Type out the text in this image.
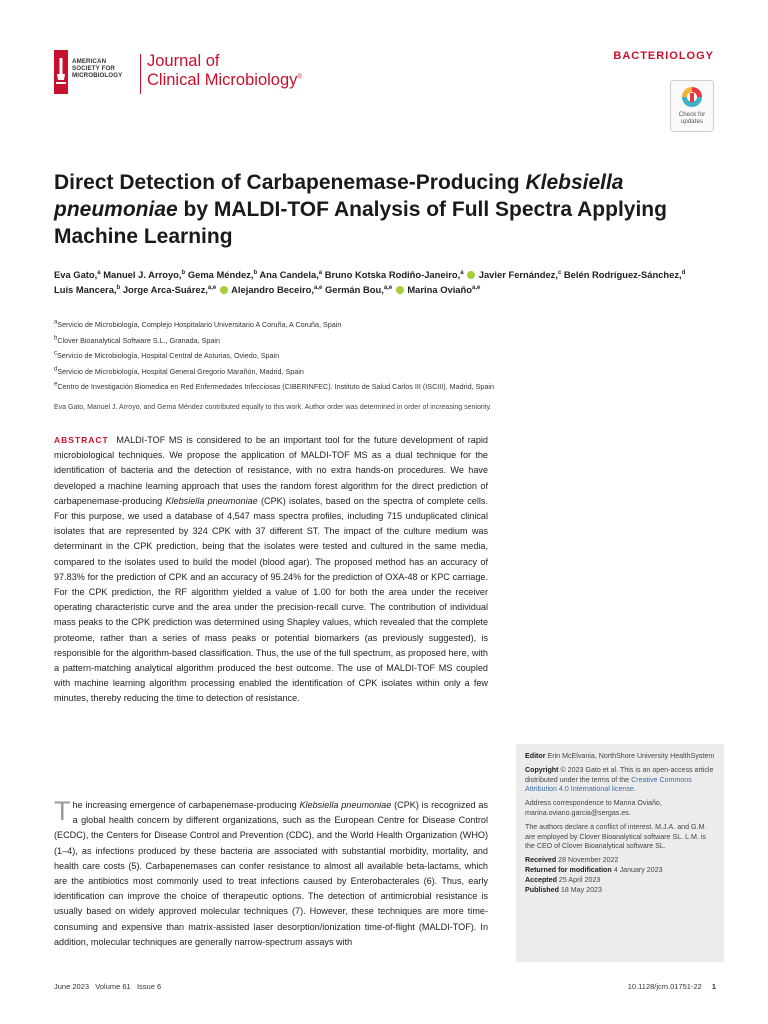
AMERICAN
SOCIETY FOR
MICROBIOLOGY
Journal of
Clinical Microbiology®
BACTERIOLOGY
Check for
updates
Direct Detection of Carbapenemase-Producing Klebsiella pneumoniae by MALDI-TOF Analysis of Full Spectra Applying Machine Learning
Eva Gato,$^a$ Manuel J. Arroyo,$^b$ Gema Méndez,$^b$ Ana Candela,$^a$ Bruno Kotska Rodiño-Janeiro,$^a$ Javier Fernández,$^c$ Belén Rodríguez-Sánchez,$^d$
Luis Mancera,$^b$ Jorge Arca-Suárez,$^{a,e}$ Alejandro Beceiro,$^{a,e}$ Germán Bou,$^{a,e}$ Marina Oviaño$^{a,e}$
$^a$Servicio de Microbiología, Complejo Hospitalario Universitario A Coruña, A Coruña, Spain
$^b$Clover Bioanalytical Software S.L., Granada, Spain
$^c$Servicio de Microbiología, Hospital Central de Asturias, Oviedo, Spain
$^d$Servicio de Microbiología, Hospital General Gregorio Marañón, Madrid, Spain
$^e$Centro de Investigación Biomedica en Red Enfermedades Infecciosas (CIBERINFEC). Instituto de Salud Carlos III (ISCIII), Madrid, Spain
Eva Gato, Manuel J. Arroyo, and Gema Méndez contributed equally to this work. Author order was determined in order of increasing seniority.
ABSTRACT MALDI-TOF MS is considered to be an important tool for the future development of rapid microbiological techniques. We propose the application of MALDI-TOF MS as a dual technique for the identification of bacteria and the detection of resistance, with no extra hands-on procedures. We have developed a machine learning approach that uses the random forest algorithm for the direct prediction of carbapenemase-producing Klebsiella pneumoniae (CPK) isolates, based on the spectra of complete cells. For this purpose, we used a database of 4,547 mass spectra profiles, including 715 unduplicated clinical isolates that are represented by 324 CPK with 37 different ST. The impact of the culture medium was determinant in the CPK prediction, being that the isolates were tested and cultured in the same media, compared to the isolates used to build the model (blood agar). The proposed method has an accuracy of 97.83% for the prediction of CPK and an accuracy of 95.24% for the prediction of OXA-48 or KPC carriage. For the CPK prediction, the RF algorithm yielded a value of 1.00 for both the area under the receiver operating characteristic curve and the area under the precision-recall curve. The contribution of individual mass peaks to the CPK prediction was determined using Shapley values, which revealed that the complete proteome, rather than a series of mass peaks or potential biomarkers (as previously suggested), is responsible for the algorithm-based classification. Thus, the use of the full spectrum, as proposed here, with a pattern-matching analytical algorithm produced the best outcome. The use of MALDI-TOF MS coupled with machine learning algorithm processing enabled the identification of CPK isolates within only a few minutes, thereby reducing the time to detection of resistance.
The increasing emergence of carbapenemase-producing Klebsiella pneumoniae (CPK) is recognized as a global health concern by different organizations, such as the European Centre for Disease Control (ECDC), the Centers for Disease Control and Prevention (CDC), and the World Health Organization (WHO) (1–4), as infections produced by these bacteria are associated with substantial morbidity, mortality, and health care costs (5). Carbapenemases can confer resistance to almost all available beta-lactams, which are the antibiotics most commonly used to treat infections caused by Enterobacterales (6). Thus, early identification can improve the choice of therapeutic options. The detection of antimicrobial resistance is usually based on widely approved molecular techniques (7). However, these techniques are more time-consuming and expensive than matrix-assisted laser desorption/ionization time-of-flight (MALDI-TOF). In addition, molecular techniques are generally narrow-spectrum assays with
Editor Erin McElvania, NorthShore University HealthSystem
Copyright © 2023 Gato et al. This is an open-access article distributed under the terms of the Creative Commons Attribution 4.0 International license.
Address correspondence to Marina Oviaño, marina.oviano.garcia@sergas.es.
The authors declare a conflict of interest. M.J.A. and G.M. are employed by Clover Bioanalytical software SL. L.M. is the CEO of Clover Bioanalytical software SL.
Received 28 November 2022
Returned for modification 4 January 2023
Accepted 25 April 2023
Published 18 May 2023
June 2023   Volume 61   Issue 6	10.1128/jcm.01751-22 1
